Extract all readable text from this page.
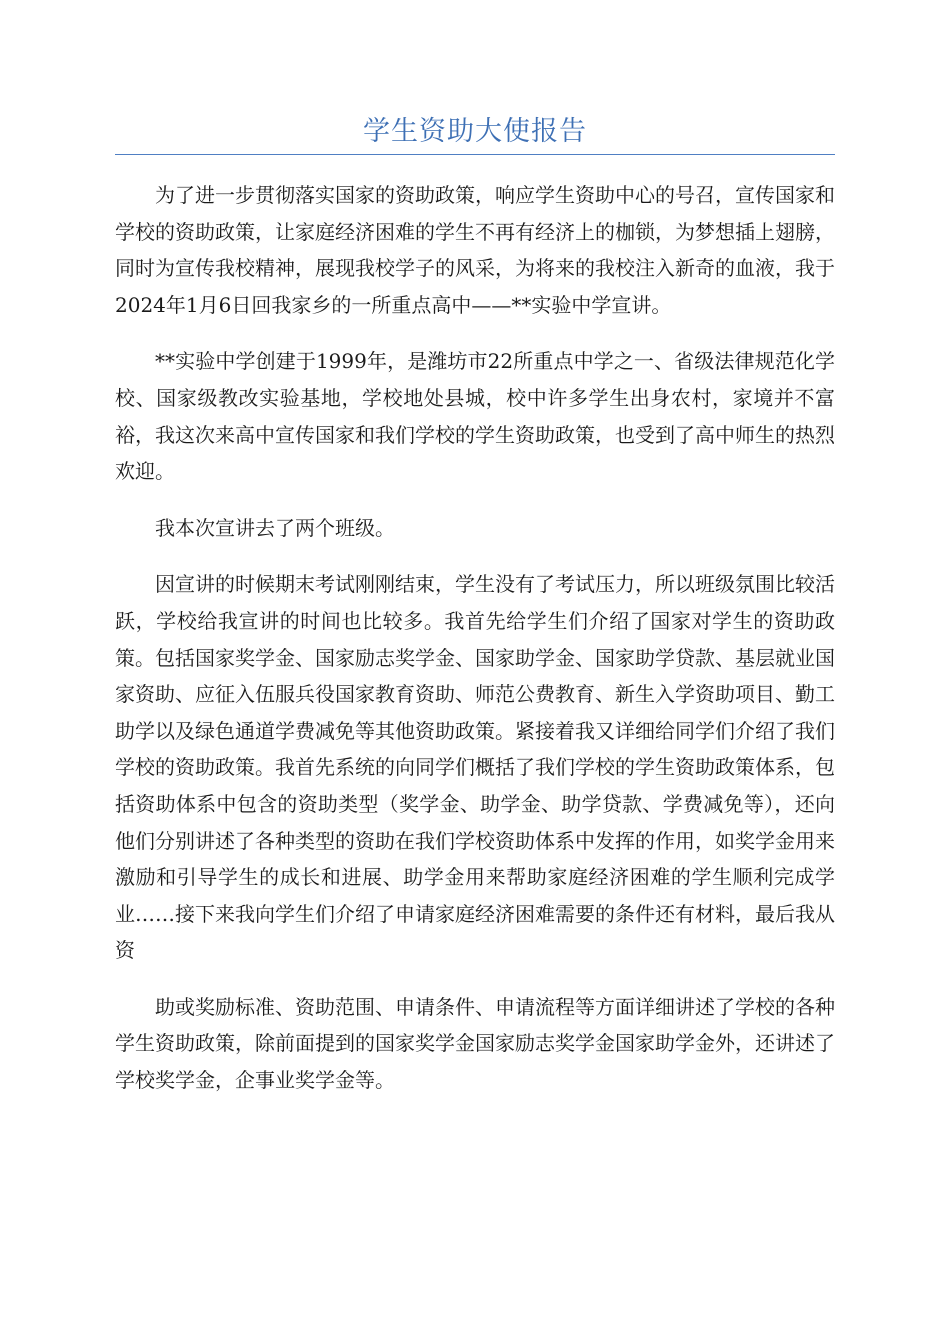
学生资助大使报告

为了进一步贯彻落实国家的资助政策，响应学生资助中心的号召，宣传国家和学校的资助政策，让家庭经济困难的学生不再有经济上的枷锁，为梦想插上翅膀，同时为宣传我校精神，展现我校学子的风采，为将来的我校注入新奇的血液，我于2024年1月6日回我家乡的一所重点高中——**实验中学宣讲。

**实验中学创建于1999年，是潍坊市22所重点中学之一、省级法律规范化学校、国家级教改实验基地，学校地处县城，校中许多学生出身农村，家境并不富裕，我这次来高中宣传国家和我们学校的学生资助政策，也受到了高中师生的热烈欢迎。

我本次宣讲去了两个班级。

因宣讲的时候期末考试刚刚结束，学生没有了考试压力，所以班级氛围比较活跃，学校给我宣讲的时间也比较多。我首先给学生们介绍了国家对学生的资助政策。包括国家奖学金、国家励志奖学金、国家助学金、国家助学贷款、基层就业国家资助、应征入伍服兵役国家教育资助、师范公费教育、新生入学资助项目、勤工助学以及绿色通道学费减免等其他资助政策。紧接着我又详细给同学们介绍了我们学校的资助政策。我首先系统的向同学们概括了我们学校的学生资助政策体系，包括资助体系中包含的资助类型（奖学金、助学金、助学贷款、学费减免等），还向他们分别讲述了各种类型的资助在我们学校资助体系中发挥的作用，如奖学金用来激励和引导学生的成长和进展、助学金用来帮助家庭经济困难的学生顺利完成学业……接下来我向学生们介绍了申请家庭经济困难需要的条件还有材料，最后我从资

助或奖励标准、资助范围、申请条件、申请流程等方面详细讲述了学校的各种学生资助政策，除前面提到的国家奖学金国家励志奖学金国家助学金外，还讲述了学校奖学金，企事业奖学金等。
